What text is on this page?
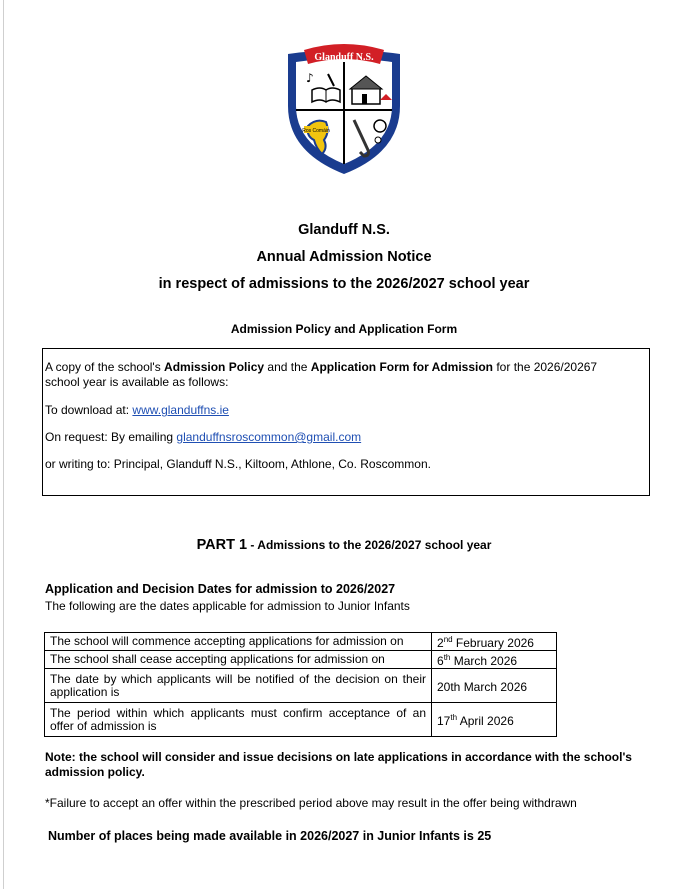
Glanduff N.S.
♪
Ros Comáin
Glanduff N.S.
Annual Admission Notice
in respect of admissions to the 2026/2027 school year
Admission Policy and Application Form
A copy of the school's Admission Policy and the Application Form for Admission for the 2026/20267
school year is available as follows:
To download at: www.glanduffns.ie
On request: By emailing glanduffnsroscommon@gmail.com
or writing to: Principal, Glanduff N.S., Kiltoom, Athlone, Co. Roscommon.
PART 1 - Admissions to the 2026/2027 school year
Application and Decision Dates for admission to 2026/2027
The following are the dates applicable for admission to Junior Infants
The school will commence accepting applications for admission on	2nd February 2026
The school shall cease accepting applications for admission on	6th March 2026
The date by which applicants will be notified of the decision on their application is	20th March 2026
The period within which applicants must confirm acceptance of an offer of admission is	17th April 2026
Note: the school will consider and issue decisions on late applications in accordance with the school's admission policy.
*Failure to accept an offer within the prescribed period above may result in the offer being withdrawn
Number of places being made available in 2026/2027 in Junior Infants is 25
